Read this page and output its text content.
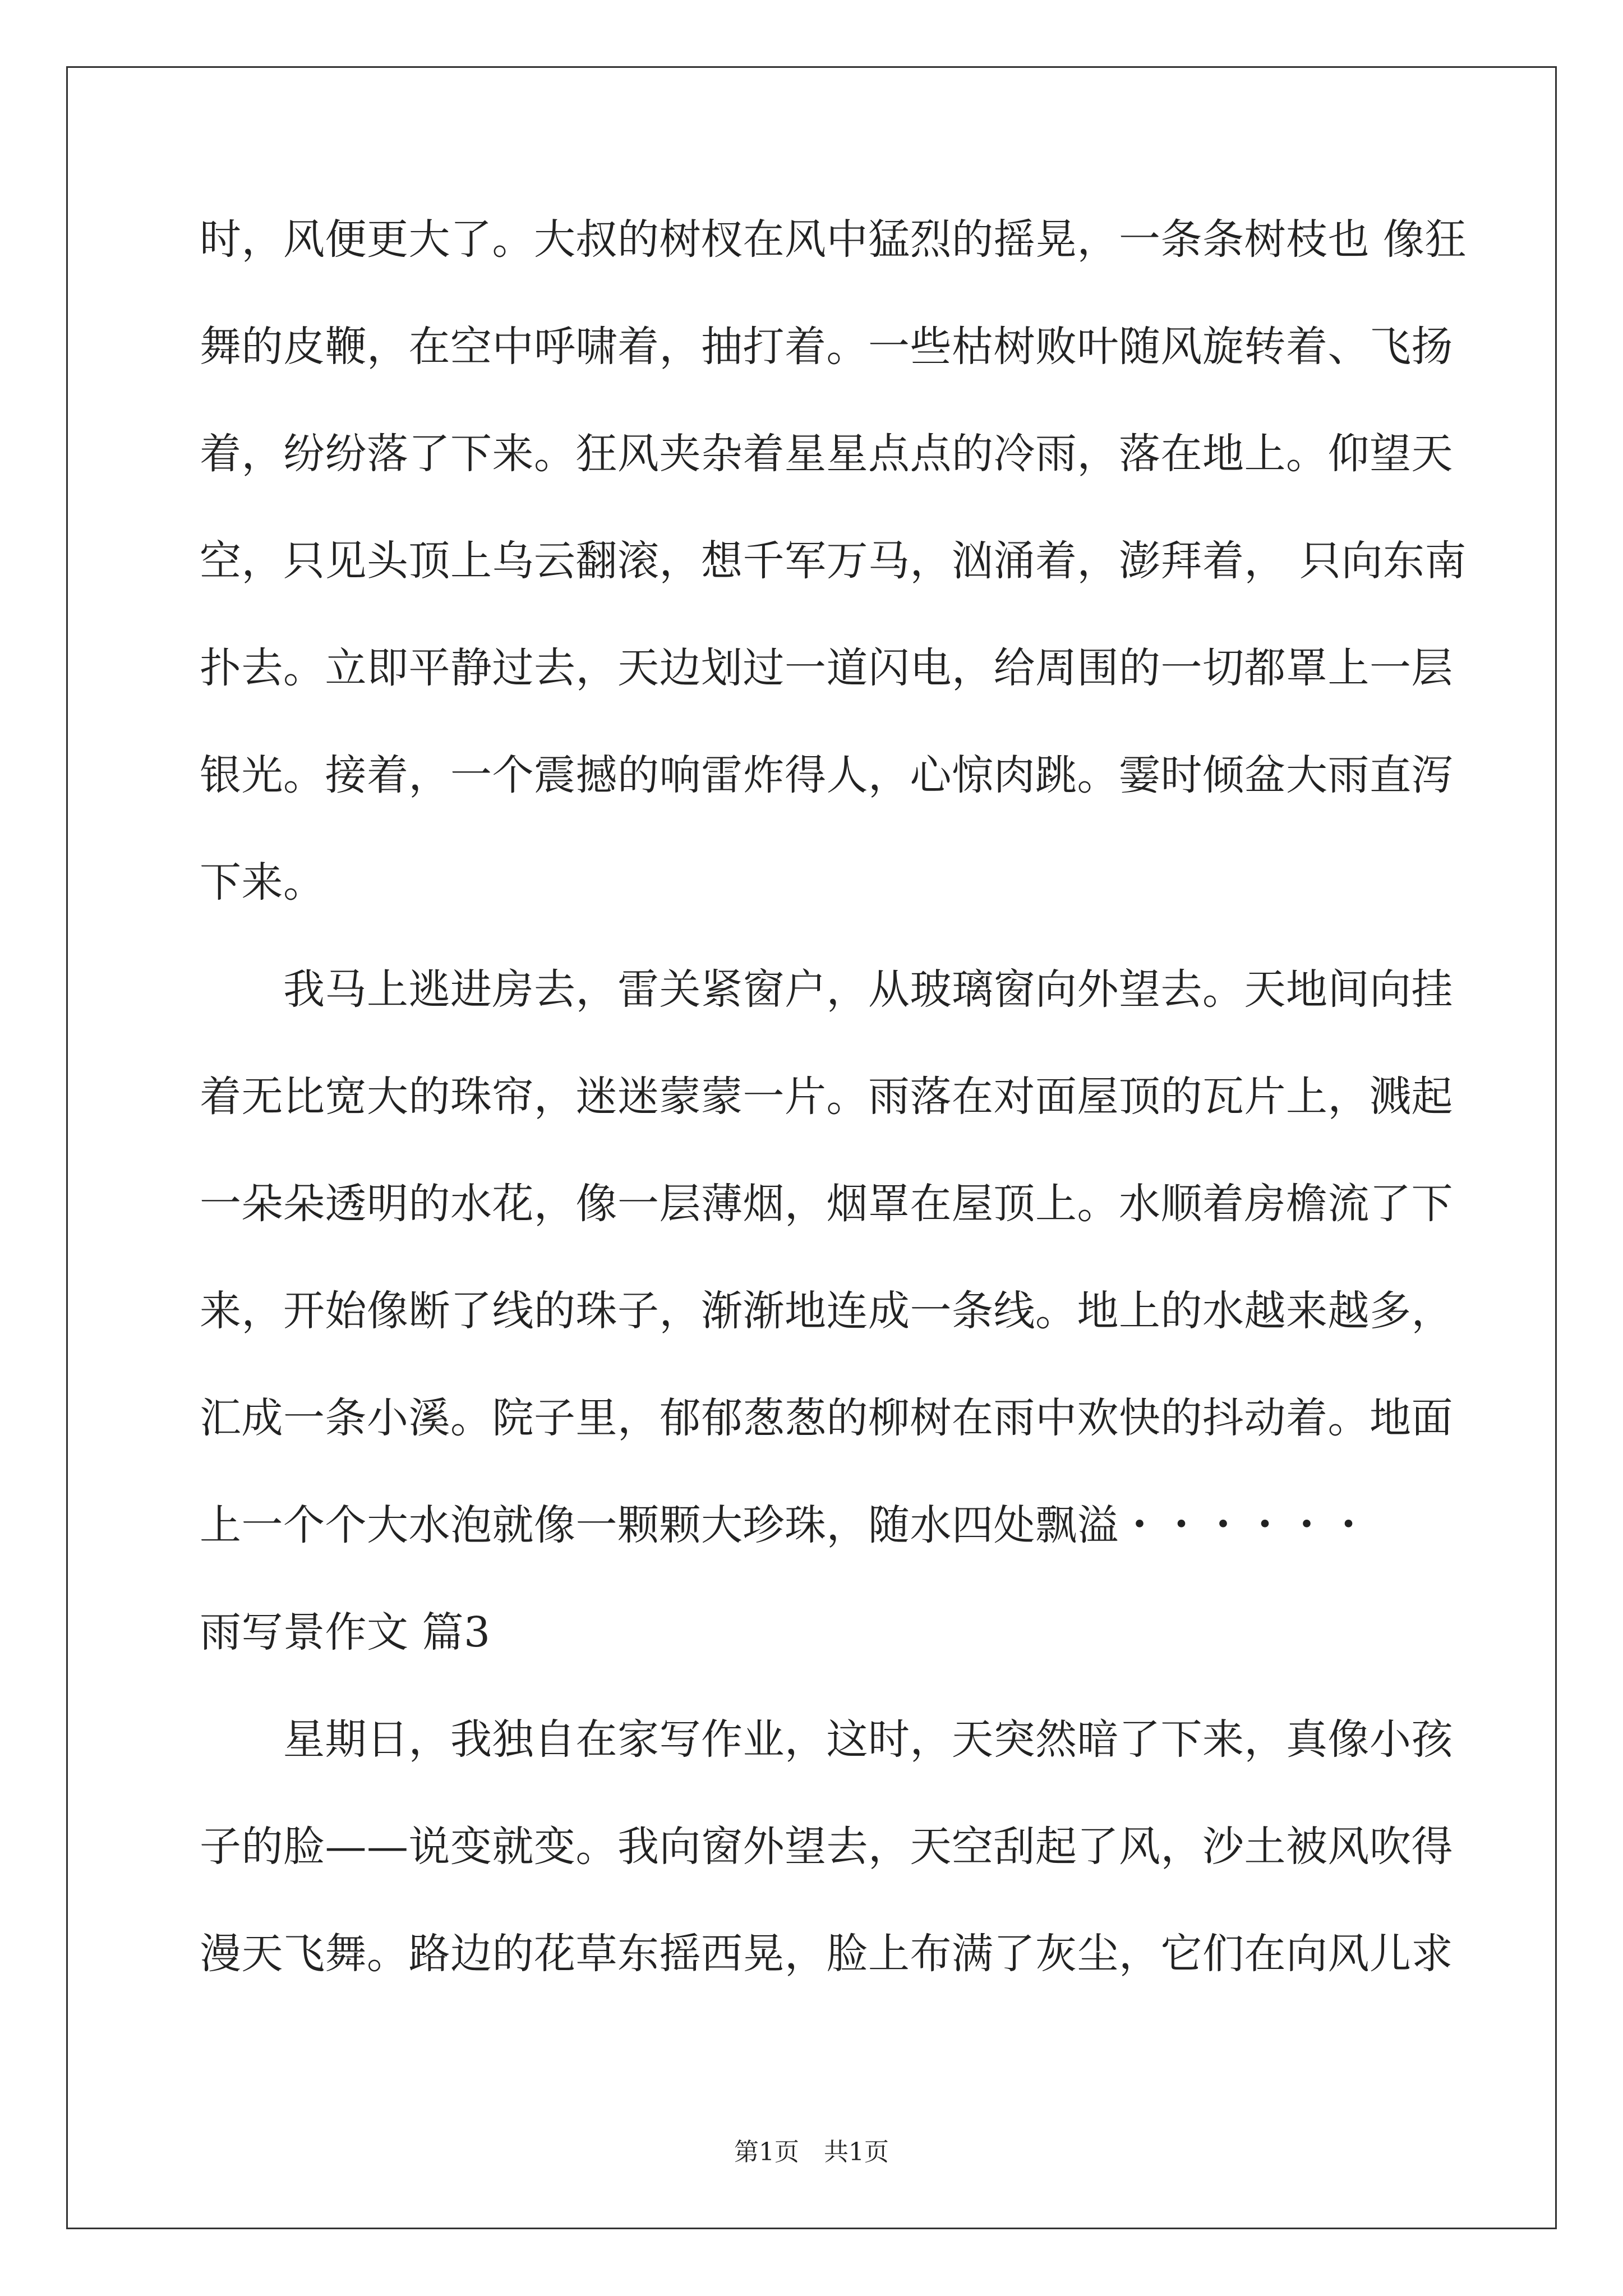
时，风便更大了。大叔的树杈在风中猛烈的摇晃，一条条树枝也 像狂
舞的皮鞭，在空中呼啸着，抽打着。一些枯树败叶随风旋转着、飞扬
着，纷纷落了下来。狂风夹杂着星星点点的冷雨，落在地上。仰望天
空，只见头顶上乌云翻滚，想千军万马，汹涌着，澎拜着， 只向东南
扑去。立即平静过去，天边划过一道闪电，给周围的一切都罩上一层
银光。接着，一个震撼的响雷炸得人，心惊肉跳。霎时倾盆大雨直泻
下来。
　　我马上逃进房去，雷关紧窗户，从玻璃窗向外望去。天地间向挂
着无比宽大的珠帘，迷迷蒙蒙一片。雨落在对面屋顶的瓦片上，溅起
一朵朵透明的水花，像一层薄烟，烟罩在屋顶上。水顺着房檐流了下
来，开始像断了线的珠子，渐渐地连成一条线。地上的水越来越多，
汇成一条小溪。院子里，郁郁葱葱的柳树在雨中欢快的抖动着。地面
上一个个大水泡就像一颗颗大珍珠，随水四处飘溢・・・・・・
雨写景作文 篇3
　　星期日，我独自在家写作业，这时，天突然暗了下来，真像小孩
子的脸——说变就变。我向窗外望去，天空刮起了风，沙土被风吹得
漫天飞舞。路边的花草东摇西晃，脸上布满了灰尘，它们在向风儿求
第1页　共1页
